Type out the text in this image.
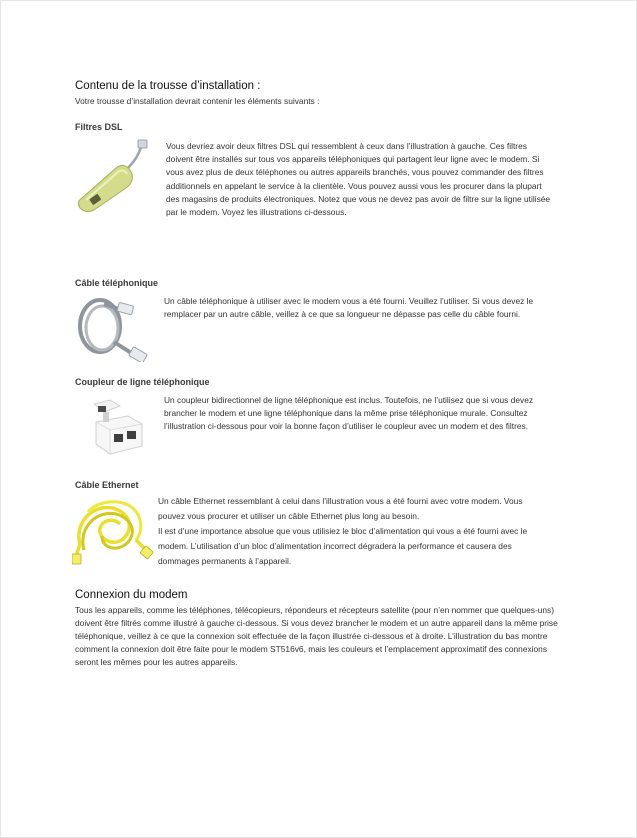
Contenu de la trousse d’installation :

Votre trousse d’installation devrait contenir les éléments suivants :

Filtres DSL

Vous devriez avoir deux filtres DSL qui ressemblent à ceux dans l’illustration à gauche. Ces filtres doivent être installés sur tous vos appareils téléphoniques qui partagent leur ligne avec le modem. Si vous avez plus de deux téléphones ou autres appareils branchés, vous pouvez commander des filtres additionnels en appelant le service à la clientèle. Vous pouvez aussi vous les procurer dans la plupart des magasins de produits électroniques. Notez que vous ne devez pas avoir de filtre sur la ligne utilisée par le modem. Voyez les illustrations ci-dessous.

Câble téléphonique

Un câble téléphonique à utiliser avec le modem vous a été fourni. Veuillez l’utiliser. Si vous devez le remplacer par un autre câble, veillez à ce que sa longueur ne dépasse pas celle du câble fourni.

Coupleur de ligne téléphonique

Un coupleur bidirectionnel de ligne téléphonique est inclus. Toutefois, ne l’utilisez que si vous devez brancher le modem et une ligne téléphonique dans la même prise téléphonique murale. Consultez l’illustration ci-dessous pour voir la bonne façon d’utiliser le coupleur avec un modem et des filtres.

Câble Ethernet

Un câble Ethernet ressemblant à celui dans l’illustration vous a été fourni avec votre modem. Vous pouvez vous procurer et utiliser un câble Ethernet plus long au besoin.

Il est d’une importance absolue que vous utilisiez le bloc d’alimentation qui vous a été fourni avec le modem. L’utilisation d’un bloc d’alimentation incorrect dégradera la performance et causera des dommages permanents à l’appareil.

Connexion du modem

Tous les appareils, comme les téléphones, télécopieurs, répondeurs et récepteurs satellite (pour n’en nommer que quelques-uns) doivent être filtrés comme illustré à gauche ci-dessous. Si vous devez brancher le modem et un autre appareil dans la même prise téléphonique, veillez à ce que la connexion soit effectuée de la façon illustrée ci-dessous et à droite. L’illustration du bas montre comment la connexion doit être faite pour le modem ST516v6, mais les couleurs et l’emplacement approximatif des connexions seront les mêmes pour les autres appareils.
